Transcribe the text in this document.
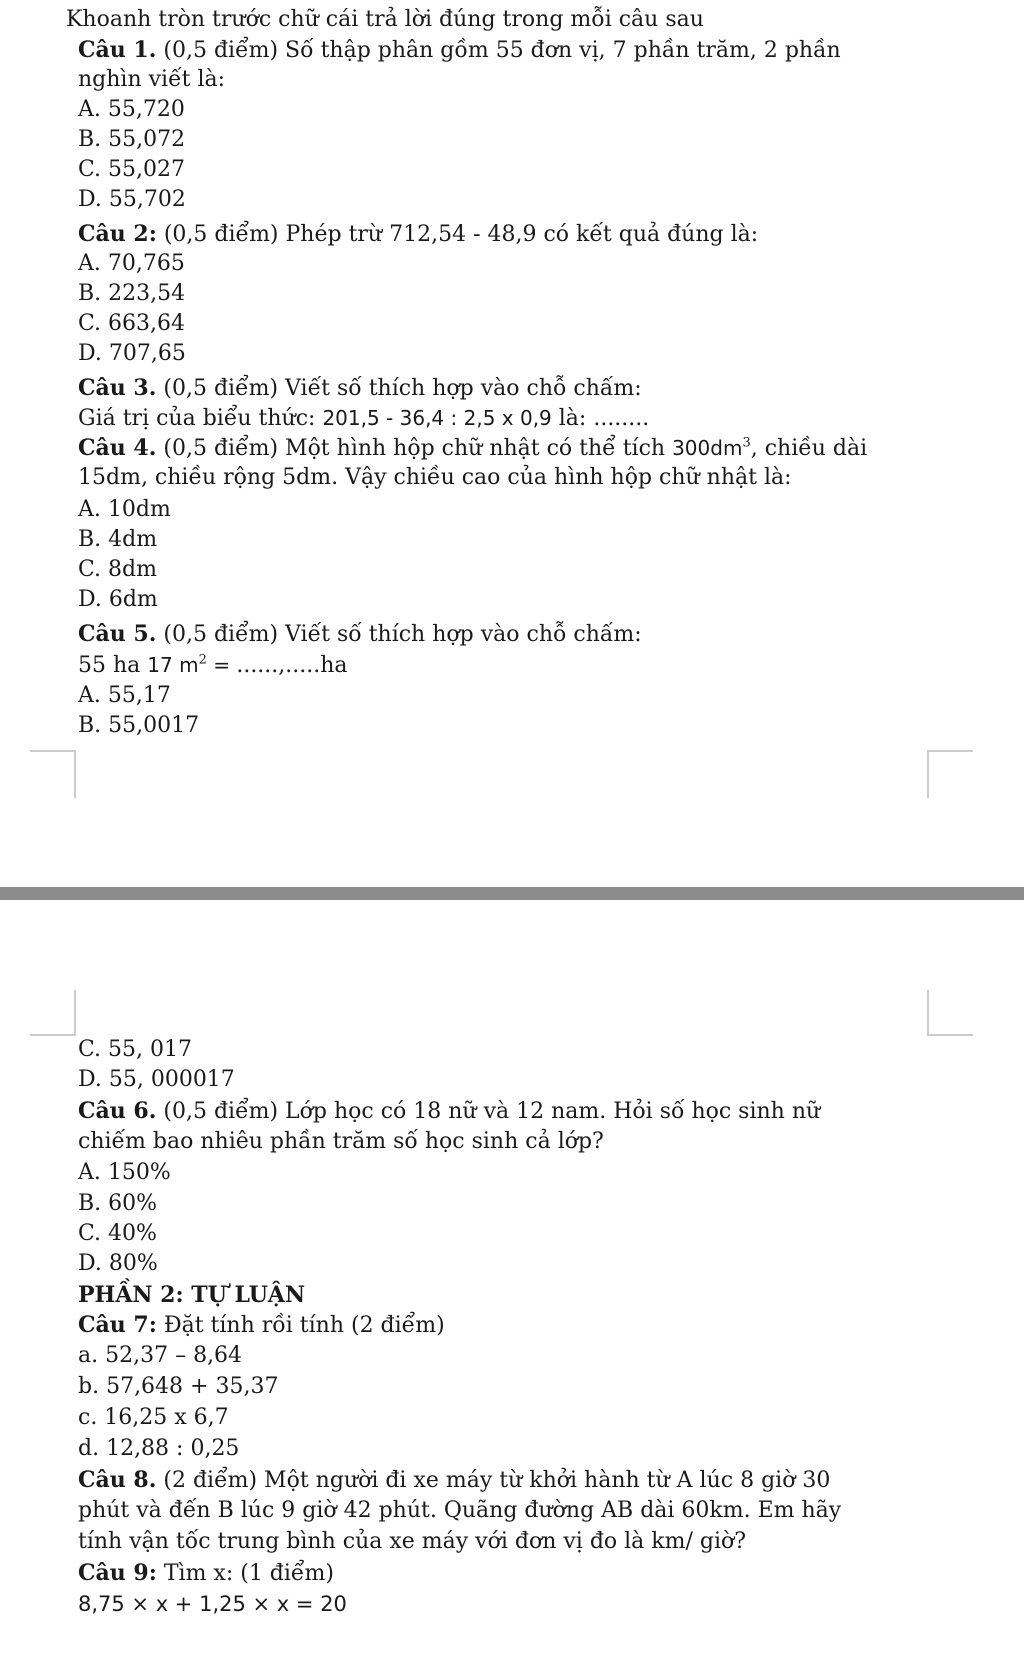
Khoanh tròn trước chữ cái trả lời đúng trong mỗi câu sau
Câu 1. (0,5 điểm) Số thập phân gồm 55 đơn vị, 7 phần trăm, 2 phần
nghìn viết là:
A. 55,720
B. 55,072
C. 55,027
D. 55,702
Câu 2: (0,5 điểm) Phép trừ 712,54 - 48,9 có kết quả đúng là:
A. 70,765
B. 223,54
C. 663,64
D. 707,65
Câu 3. (0,5 điểm) Viết số thích hợp vào chỗ chấm:
Giá trị của biểu thức: 201,5 - 36,4 : 2,5 x 0,9 là: ........
Câu 4. (0,5 điểm) Một hình hộp chữ nhật có thể tích $300dm^3$, chiều dài
15dm, chiều rộng 5dm. Vậy chiều cao của hình hộp chữ nhật là:
A. 10dm
B. 4dm
C. 8dm
D. 6dm
Câu 5. (0,5 điểm) Viết số thích hợp vào chỗ chấm:
55 ha 17 $m^2 = ......,.....ha$
A. 55,17
B. 55,0017
C. 55, 017
D. 55, 000017
Câu 6. (0,5 điểm) Lớp học có 18 nữ và 12 nam. Hỏi số học sinh nữ
chiếm bao nhiêu phần trăm số học sinh cả lớp?
A. 150%
B. 60%
C. 40%
D. 80%
PHẦN 2: TỰ LUẬN
Câu 7: Đặt tính rồi tính (2 điểm)
a. 52,37 – 8,64
b. 57,648 + 35,37
c. 16,25 x 6,7
d. 12,88 : 0,25
Câu 8. (2 điểm) Một người đi xe máy từ khởi hành từ A lúc 8 giờ 30
phút và đến B lúc 9 giờ 42 phút. Quãng đường AB dài 60km. Em hãy
tính vận tốc trung bình của xe máy với đơn vị đo là km/ giờ?
Câu 9: Tìm x: (1 điểm)
8,75 × x + 1,25 × x = 20
